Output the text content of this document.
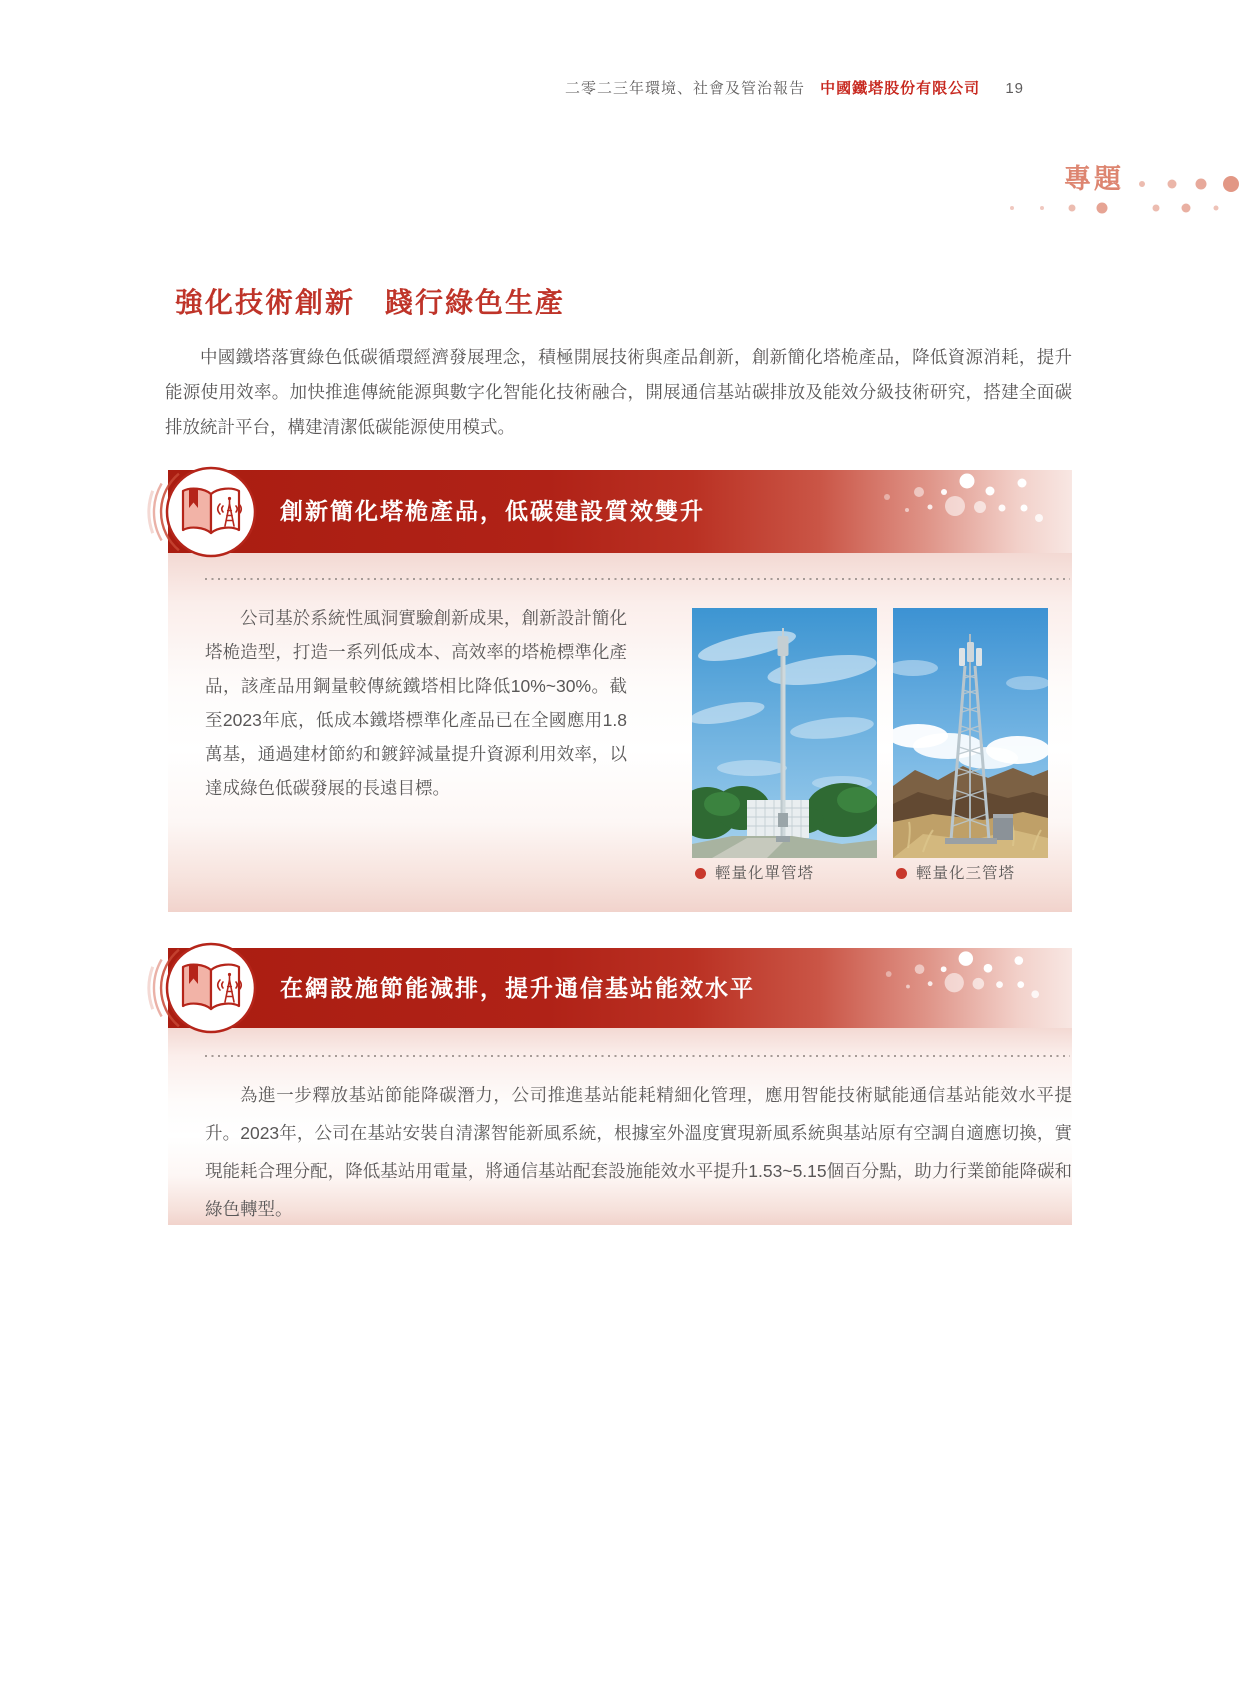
二零二三年環境、社會及管治報告 中國鐵塔股份有限公司 19
專題
強化技術創新　踐行綠色生產

中國鐵塔落實綠色低碳循環經濟發展理念，積極開展技術與產品創新，創新簡化塔桅產品，降低資源消耗，提升能源使用效率。加快推進傳統能源與數字化智能化技術融合，開展通信基站碳排放及能效分級技術研究，搭建全面碳排放統計平台，構建清潔低碳能源使用模式。

創新簡化塔桅產品，低碳建設質效雙升

公司基於系統性風洞實驗創新成果，創新設計簡化塔桅造型，打造一系列低成本、高效率的塔桅標準化產品，該產品用鋼量較傳統鐵塔相比降低10%~30%。截至2023年底，低成本鐵塔標準化產品已在全國應用1.8萬基，通過建材節約和鍍鋅減量提升資源利用效率，以達成綠色低碳發展的長遠目標。

輕量化單管塔	輕量化三管塔
在網設施節能減排，提升通信基站能效水平

為進一步釋放基站節能降碳潛力，公司推進基站能耗精細化管理，應用智能技術賦能通信基站能效水平提升。2023年，公司在基站安裝自清潔智能新風系統，根據室外溫度實現新風系統與基站原有空調自適應切換，實現能耗合理分配，降低基站用電量，將通信基站配套設施能效水平提升1.53~5.15個百分點，助力行業節能降碳和綠色轉型。
